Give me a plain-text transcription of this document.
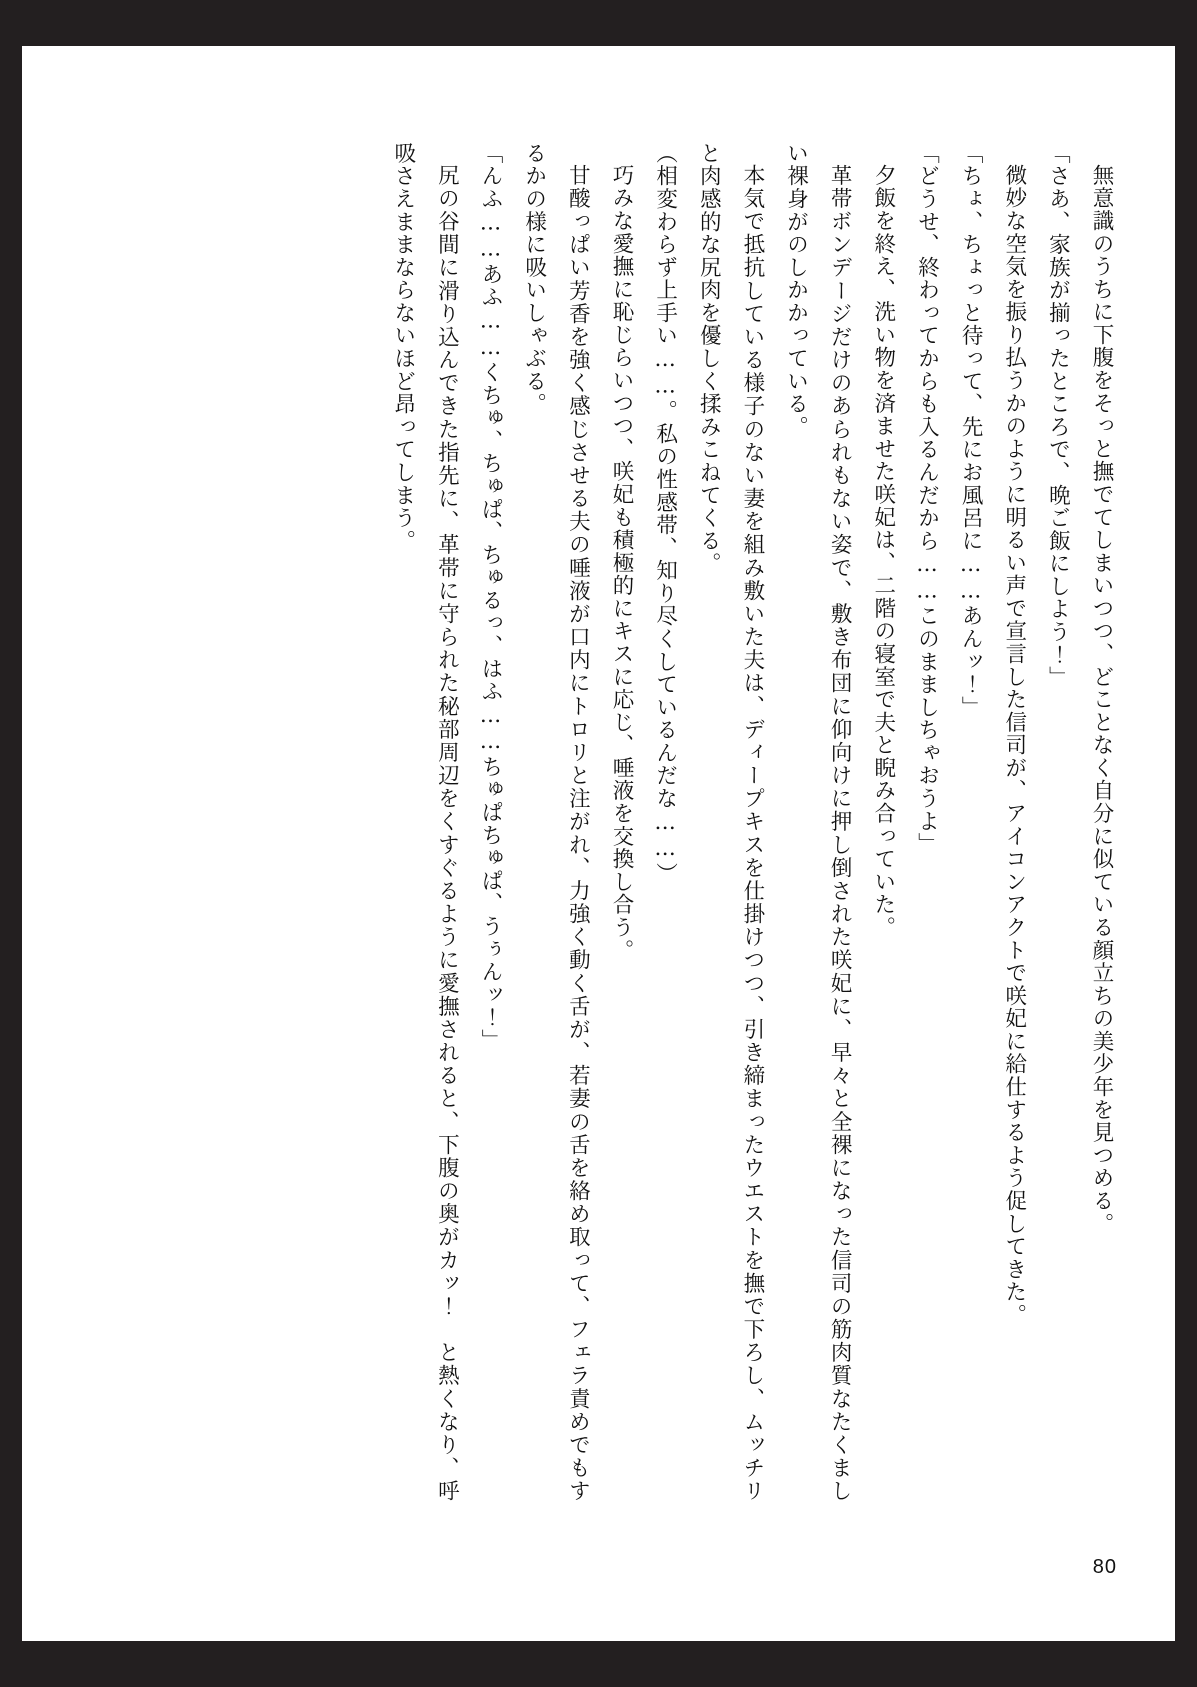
無意識のうちに下腹をそっと撫でてしまいつつ、どことなく自分に似ている顔立ちの美少年を見つめる。

「さあ、家族が揃ったところで、晩ご飯にしよう！」

微妙な空気を振り払うかのように明るい声で宣言した信司が、アイコンアクトで咲妃に給仕するよう促してきた。

「ちょ、ちょっと待って、先にお風呂に……あんッ！」

「どうせ、終わってからも入るんだから……このまましちゃおうよ」

夕飯を終え、洗い物を済ませた咲妃は、二階の寝室で夫と睨み合っていた。

革帯ボンデージだけのあられもない姿で、敷き布団に仰向けに押し倒された咲妃に、早々と全裸になった信司の筋肉質なたくましい裸身がのしかかっている。

本気で抵抗している様子のない妻を組み敷いた夫は、ディープキスを仕掛けつつ、引き締まったウエストを撫で下ろし、ムッチリと肉感的な尻肉を優しく揉みこねてくる。

（相変わらず上手い……。私の性感帯、知り尽くしているんだな……）

巧みな愛撫に恥じらいつつ、咲妃も積極的にキスに応じ、唾液を交換し合う。

甘酸っぱい芳香を強く感じさせる夫の唾液が口内にトロリと注がれ、力強く動く舌が、若妻の舌を絡め取って、フェラ責めでもするかの様に吸いしゃぶる。

「んふ……あふ……くちゅ、ちゅぱ、ちゅるっ、はふ……ちゅぱちゅぱ、うぅんッ！」

尻の谷間に滑り込んできた指先に、革帯に守られた秘部周辺をくすぐるように愛撫されると、下腹の奥がカッ！　と熱くなり、呼吸さえままならないほど昂ってしまう。

80
